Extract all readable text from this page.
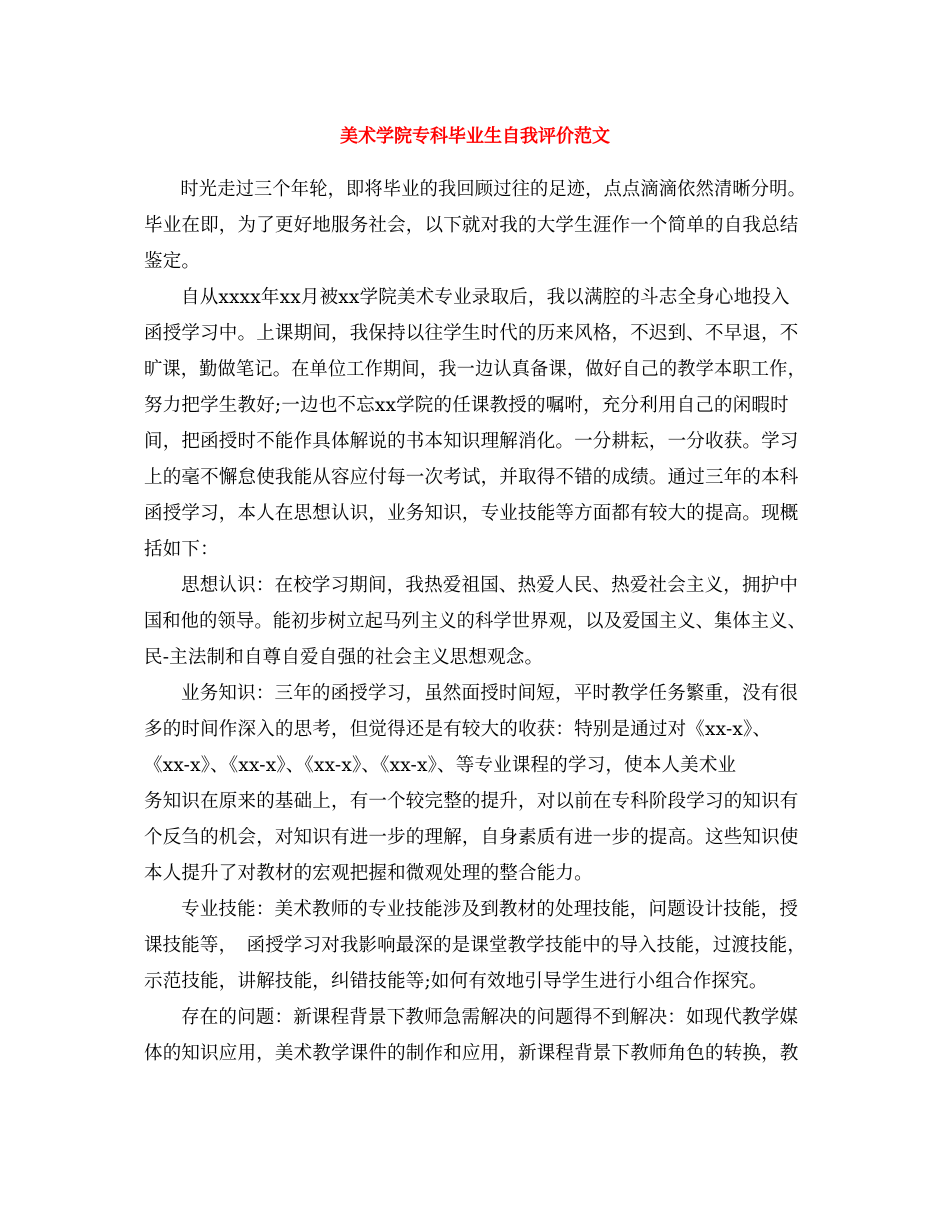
美术学院专科毕业生自我评价范文
时光走过三个年轮，即将毕业的我回顾过往的足迹，点点滴滴依然清晰分明。
毕业在即，为了更好地服务社会，以下就对我的大学生涯作一个简单的自我总结
鉴定。
自从xxxx年xx月被xx学院美术专业录取后，我以满腔的斗志全身心地投入
函授学习中。上课期间，我保持以往学生时代的历来风格，不迟到、不早退，不
旷课，勤做笔记。在单位工作期间，我一边认真备课，做好自己的教学本职工作，
努力把学生教好;一边也不忘xx学院的任课教授的嘱咐，充分利用自己的闲暇时
间，把函授时不能作具体解说的书本知识理解消化。一分耕耘，一分收获。学习
上的毫不懈怠使我能从容应付每一次考试，并取得不错的成绩。通过三年的本科
函授学习，本人在思想认识，业务知识，专业技能等方面都有较大的提高。现概
括如下：
思想认识：在校学习期间，我热爱祖国、热爱人民、热爱社会主义，拥护中
国和他的领导。能初步树立起马列主义的科学世界观，以及爱国主义、集体主义、
民-主法制和自尊自爱自强的社会主义思想观念。
业务知识：三年的函授学习，虽然面授时间短，平时教学任务繁重，没有很
多的时间作深入的思考，但觉得还是有较大的收获：特别是通过对《xx-x》、
《xx-x》、《xx-x》、《xx-x》、《xx-x》、等专业课程的学习，使本人美术业
务知识在原来的基础上，有一个较完整的提升，对以前在专科阶段学习的知识有
个反刍的机会，对知识有进一步的理解，自身素质有进一步的提高。这些知识使
本人提升了对教材的宏观把握和微观处理的整合能力。
专业技能：美术教师的专业技能涉及到教材的处理技能，问题设计技能，授
课技能等，　函授学习对我影响最深的是课堂教学技能中的导入技能，过渡技能，
示范技能，讲解技能，纠错技能等;如何有效地引导学生进行小组合作探究。
存在的问题：新课程背景下教师急需解决的问题得不到解决：如现代教学媒
体的知识应用，美术教学课件的制作和应用，新课程背景下教师角色的转换，教
